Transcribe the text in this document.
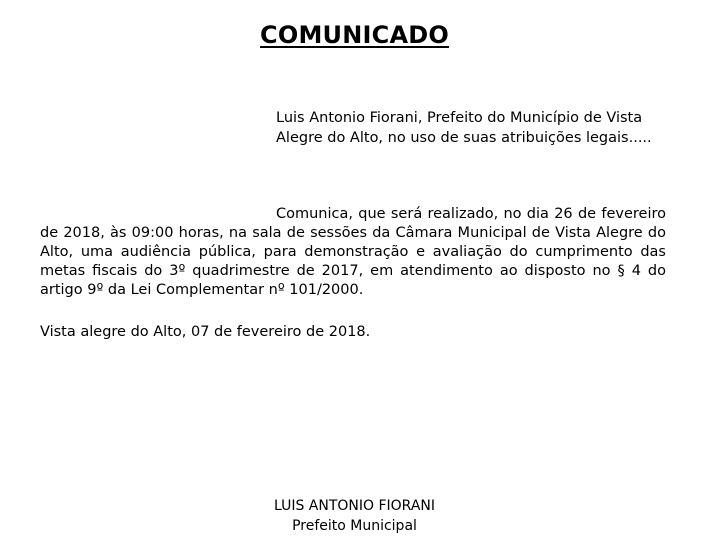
COMUNICADO
Luis Antonio Fiorani, Prefeito do Município de Vista Alegre do Alto, no uso de suas atribuições legais.....
Comunica, que será realizado, no dia 26 de fevereiro de 2018, às 09:00 horas, na sala de sessões da Câmara Municipal de Vista Alegre do Alto, uma audiência pública, para demonstração e avaliação do cumprimento das metas fiscais do 3º quadrimestre de 2017, em atendimento ao disposto no § 4 do artigo 9º da Lei Complementar nº 101/2000.
Vista alegre do Alto, 07 de fevereiro de 2018.
LUIS ANTONIO FIORANI
Prefeito Municipal
